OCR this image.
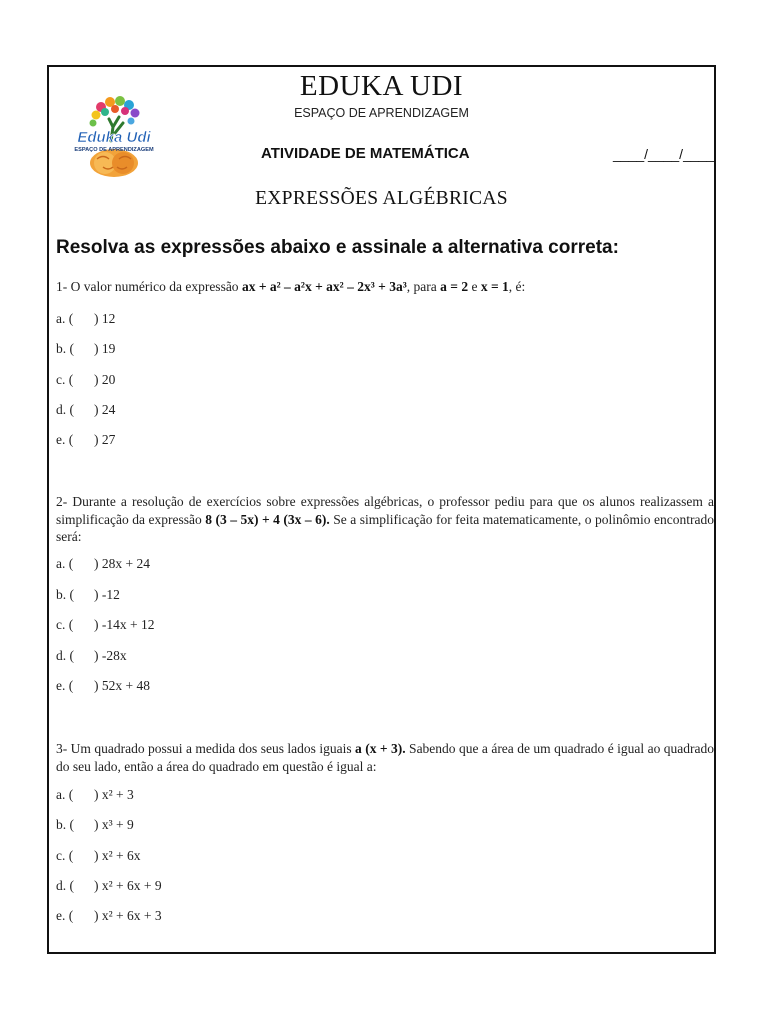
Eduka Udi
ESPAÇO DE APRENDIZAGEM
EDUKA UDI
ESPAÇO DE APRENDIZAGEM
ATIVIDADE DE MATEMÁTICA	____/____/____
EXPRESSÕES ALGÉBRICAS
Resolva as expressões abaixo e assinale a alternativa correta:
1- O valor numérico da expressão ax + a² – a²x + ax² – 2x³ + 3a³, para a = 2 e x = 1, é:
a. ( ) 12
b. ( ) 19
c. ( ) 20
d. ( ) 24
e. ( ) 27
2- Durante a resolução de exercícios sobre expressões algébricas, o professor pediu para que os alunos realizassem a simplificação da expressão 8 (3 – 5x) + 4 (3x – 6). Se a simplificação for feita matematicamente, o polinômio encontrado será:
a. ( ) 28x + 24
b. ( ) -12
c. ( ) -14x + 12
d. ( ) -28x
e. ( ) 52x + 48
3- Um quadrado possui a medida dos seus lados iguais a (x + 3). Sabendo que a área de um quadrado é igual ao quadrado do seu lado, então a área do quadrado em questão é igual a:
a. ( ) x² + 3
b. ( ) x³ + 9
c. ( ) x² + 6x
d. ( ) x² + 6x + 9
e. ( ) x² + 6x + 3
